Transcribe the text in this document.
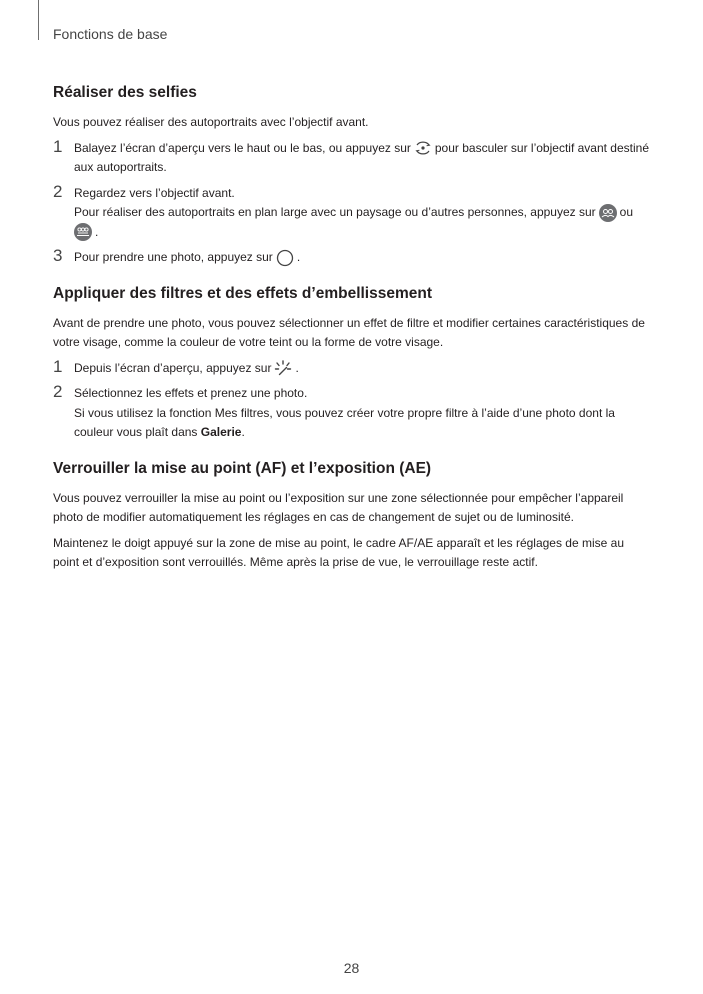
Fonctions de base
Réaliser des selfies

Vous pouvez réaliser des autoportraits avec l’objectif avant.

1 Balayez l’écran d’aperçu vers le haut ou le bas, ou appuyez sur pour basculer sur l’objectif avant destiné aux autoportraits.

2 Regardez vers l’objectif avant.

Pour réaliser des autoportraits en plan large avec un paysage ou d’autres personnes, appuyez sur ou

.

3 Pour prendre une photo, appuyez sur .

Appliquer des filtres et des effets d’embellissement

Avant de prendre une photo, vous pouvez sélectionner un effet de filtre et modifier certaines caractéristiques de votre visage, comme la couleur de votre teint ou la forme de votre visage.

1 Depuis l’écran d’aperçu, appuyez sur .

2 Sélectionnez les effets et prenez une photo.

Si vous utilisez la fonction Mes filtres, vous pouvez créer votre propre filtre à l’aide d’une photo dont la couleur vous plaît dans Galerie.

Verrouiller la mise au point (AF) et l’exposition (AE)

Vous pouvez verrouiller la mise au point ou l’exposition sur une zone sélectionnée pour empêcher l’appareil photo de modifier automatiquement les réglages en cas de changement de sujet ou de luminosité.

Maintenez le doigt appuyé sur la zone de mise au point, le cadre AF/AE apparaît et les réglages de mise au point et d’exposition sont verrouillés. Même après la prise de vue, le verrouillage reste actif.

28
